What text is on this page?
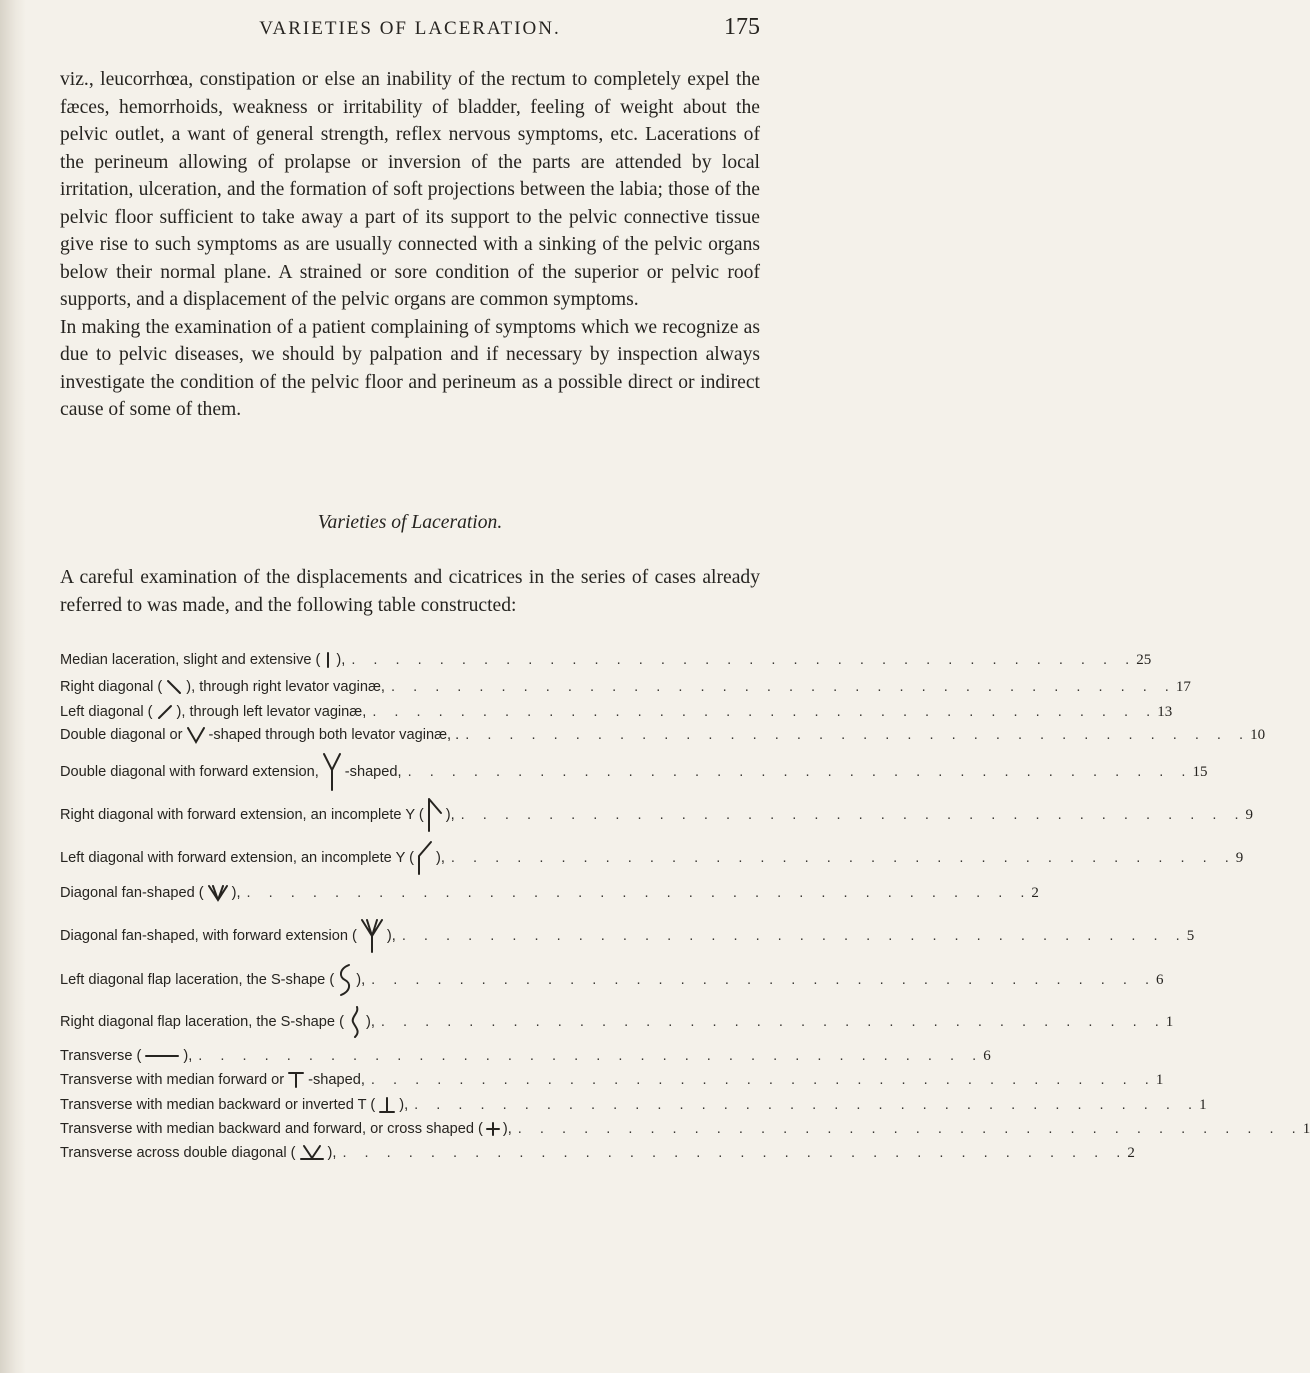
VARIETIES OF LACERATION.	175

viz., leucorrhœa, constipation or else an inability of the rectum to completely expel the fæces, hemorrhoids, weakness or irritability of bladder, feeling of weight about the pelvic outlet, a want of general strength, reflex nervous symptoms, etc. Lacerations of the perineum allowing of prolapse or inversion of the parts are attended by local irritation, ulceration, and the formation of soft projections between the labia; those of the pelvic floor sufficient to take away a part of its support to the pelvic connective tissue give rise to such symptoms as are usually connected with a sinking of the pelvic organs below their normal plane. A strained or sore condition of the superior or pelvic roof supports, and a displacement of the pelvic organs are common symptoms.

In making the examination of a patient complaining of symptoms which we recognize as due to pelvic diseases, we should by palpation and if necessary by inspection always investigate the condition of the pelvic floor and perineum as a possible direct or indirect cause of some of them.

Varieties of Laceration.
A careful examination of the displacements and cicatrices in the series of cases already referred to was made, and the following table constructed:
Median laceration, slight and extensive ( ), . . . . . . . . . . . . . . . . . . . . . . . . . . . . . . . . . . . . 25
Right diagonal ( ), through right levator vaginæ, . . . . . . . . . . . . . . . . . . . . . . . . . . . . . . . . . . . . 17
Left diagonal ( ), through left levator vaginæ, . . . . . . . . . . . . . . . . . . . . . . . . . . . . . . . . . . . . 13
Double diagonal or -shaped through both levator vaginæ, . . . . . . . . . . . . . . . . . . . . . . . . . . . . . . . . . . . . . 10
Double diagonal with forward extension, -shaped, . . . . . . . . . . . . . . . . . . . . . . . . . . . . . . . . . . . . 15
Right diagonal with forward extension, an incomplete Y ( ), . . . . . . . . . . . . . . . . . . . . . . . . . . . . . . . . . . . . 9
Left diagonal with forward extension, an incomplete Y ( ), . . . . . . . . . . . . . . . . . . . . . . . . . . . . . . . . . . . . 9
Diagonal fan-shaped ( ), . . . . . . . . . . . . . . . . . . . . . . . . . . . . . . . . . . . . 2
Diagonal fan-shaped, with forward extension ( ), . . . . . . . . . . . . . . . . . . . . . . . . . . . . . . . . . . . . 5
Left diagonal flap laceration, the S-shape ( ), . . . . . . . . . . . . . . . . . . . . . . . . . . . . . . . . . . . . 6
Right diagonal flap laceration, the S-shape ( ), . . . . . . . . . . . . . . . . . . . . . . . . . . . . . . . . . . . . 1
Transverse (	), . . . . . . . . . . . . . . . . . . . . . . . . . . . . . . . . . . . . 6
Transverse with median forward or -shaped, . . . . . . . . . . . . . . . . . . . . . . . . . . . . . . . . . . . . 1
Transverse with median backward or inverted T ( ), . . . . . . . . . . . . . . . . . . . . . . . . . . . . . . . . . . . . 1
Transverse with median backward and forward, or cross shaped ( ), . . . . . . . . . . . . . . . . . . . . . . . . . . . . . . . . . . . . 1
Transverse across double diagonal ( ), . . . . . . . . . . . . . . . . . . . . . . . . . . . . . . . . . . . . 2
